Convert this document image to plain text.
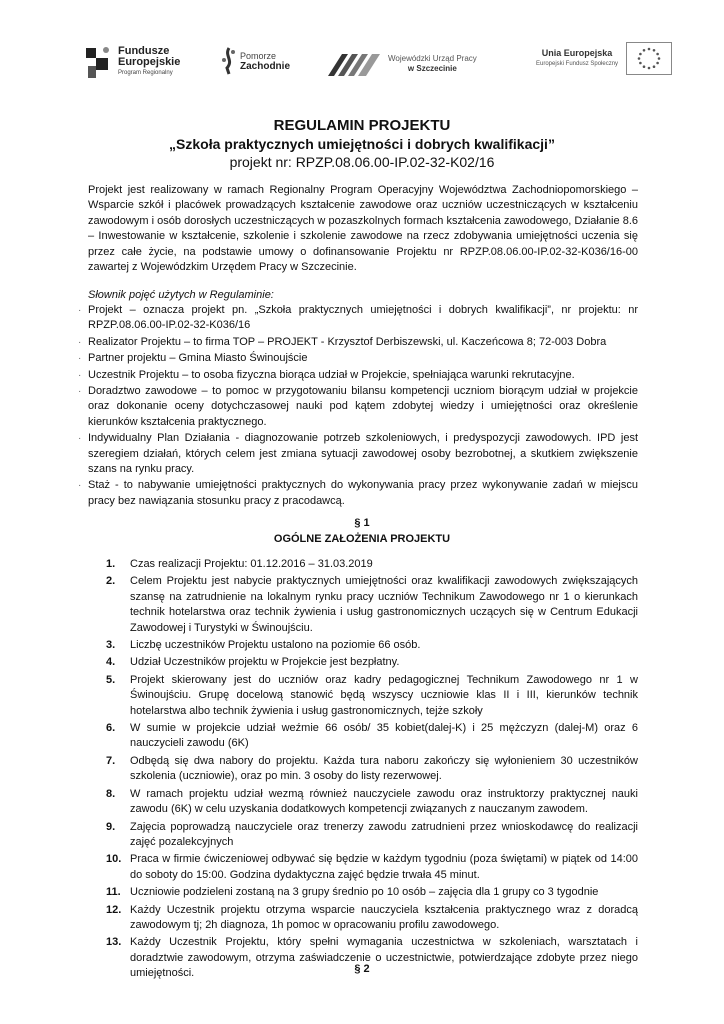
Fundusze
Europejskie
Program Regionalny
Pomorze
Zachodnie
Wojewódzki Urząd Pracy
w Szczecinie
Unia Europejska
Europejski Fundusz Społeczny

REGULAMIN PROJEKTU

„Szkoła praktycznych umiejętności i dobrych kwalifikacji”

projekt nr: RPZP.08.06.00-IP.02-32-K02/16

Projekt jest realizowany w ramach Regionalny Program Operacyjny Województwa Zachodniopomorskiego – Wsparcie szkół i placówek prowadzących kształcenie zawodowe oraz uczniów uczestniczących w kształceniu zawodowym i osób dorosłych uczestniczących w pozaszkolnych formach kształcenia zawodowego, Działanie 8.6 – Inwestowanie w kształcenie, szkolenie i szkolenie zawodowe na rzecz zdobywania umiejętności uczenia się przez całe życie, na podstawie umowy o dofinansowanie Projektu nr RPZP.08.06.00-IP.02-32-K036/16-00 zawartej z Wojewódzkim Urzędem Pracy w Szczecinie.
Słownik pojęć użytych w Regulaminie:
· Projekt – oznacza projekt pn. „Szkoła praktycznych umiejętności i dobrych kwalifikacji”, nr projektu: nr RPZP.08.06.00-IP.02-32-K036/16
· Realizator Projektu – to firma TOP – PROJEKT - Krzysztof Derbiszewski, ul. Kaczeńcowa 8; 72-003 Dobra
· Partner projektu – Gmina Miasto Świnoujście
· Uczestnik Projektu – to osoba fizyczna biorąca udział w Projekcie, spełniająca warunki rekrutacyjne.
· Doradztwo zawodowe – to pomoc w przygotowaniu bilansu kompetencji uczniom biorącym udział w projekcie oraz dokonanie oceny dotychczasowej nauki pod kątem zdobytej wiedzy i umiejętności oraz określenie kierunków kształcenia praktycznego.
· Indywidualny Plan Działania - diagnozowanie potrzeb szkoleniowych, i predyspozycji zawodowych. IPD jest szeregiem działań, których celem jest zmiana sytuacji zawodowej osoby bezrobotnej, a skutkiem zwiększenie szans na rynku pracy.
· Staż - to nabywanie umiejętności praktycznych do wykonywania pracy przez wykonywanie zadań w miejscu pracy bez nawiązania stosunku pracy z pracodawcą.
§ 1
OGÓLNE ZAŁOŻENIA PROJEKTU
1. Czas realizacji Projektu: 01.12.2016 – 31.03.2019
2. Celem Projektu jest nabycie praktycznych umiejętności oraz kwalifikacji zawodowych zwiększających szansę na zatrudnienie na lokalnym rynku pracy uczniów Technikum Zawodowego nr 1 o kierunkach technik hotelarstwa oraz technik żywienia i usług gastronomicznych uczących się w Centrum Edukacji Zawodowej i Turystyki w Świnoujściu.
3. Liczbę uczestników Projektu ustalono na poziomie 66 osób.
4. Udział Uczestników projektu w Projekcie jest bezpłatny.
5. Projekt skierowany jest do uczniów oraz kadry pedagogicznej Technikum Zawodowego nr 1 w Świnoujściu. Grupę docelową stanowić będą wszyscy uczniowie klas II i III, kierunków technik hotelarstwa albo technik żywienia i usług gastronomicznych, tejże szkoły
6. W sumie w projekcie udział weźmie 66 osób/ 35 kobiet(dalej-K) i 25 mężczyzn (dalej-M) oraz 6 nauczycieli zawodu (6K)
7. Odbędą się dwa nabory do projektu. Każda tura naboru zakończy się wyłonieniem 30 uczestników szkolenia (uczniowie), oraz po min. 3 osoby do listy rezerwowej.
8. W ramach projektu udział wezmą również nauczyciele zawodu oraz instruktorzy praktycznej nauki zawodu (6K) w celu uzyskania dodatkowych kompetencji związanych z nauczanym zawodem.
9. Zajęcia poprowadzą nauczyciele oraz trenerzy zawodu zatrudnieni przez wnioskodawcę do realizacji zajęć pozalekcyjnych
10. Praca w firmie ćwiczeniowej odbywać się będzie w każdym tygodniu (poza świętami) w piątek od 14:00 do soboty do 15:00. Godzina dydaktyczna zajęć będzie trwała 45 minut.
11. Uczniowie podzieleni zostaną na 3 grupy średnio po 10 osób – zajęcia dla 1 grupy co 3 tygodnie
12. Każdy Uczestnik projektu otrzyma wsparcie nauczyciela kształcenia praktycznego wraz z doradcą zawodowym tj; 2h diagnoza, 1h pomoc w opracowaniu profilu zawodowego.
13. Każdy Uczestnik Projektu, który spełni wymagania uczestnictwa w szkoleniach, warsztatach i doradztwie zawodowym, otrzyma zaświadczenie o uczestnictwie, potwierdzające zdobyte przez niego umiejętności.	§ 2
